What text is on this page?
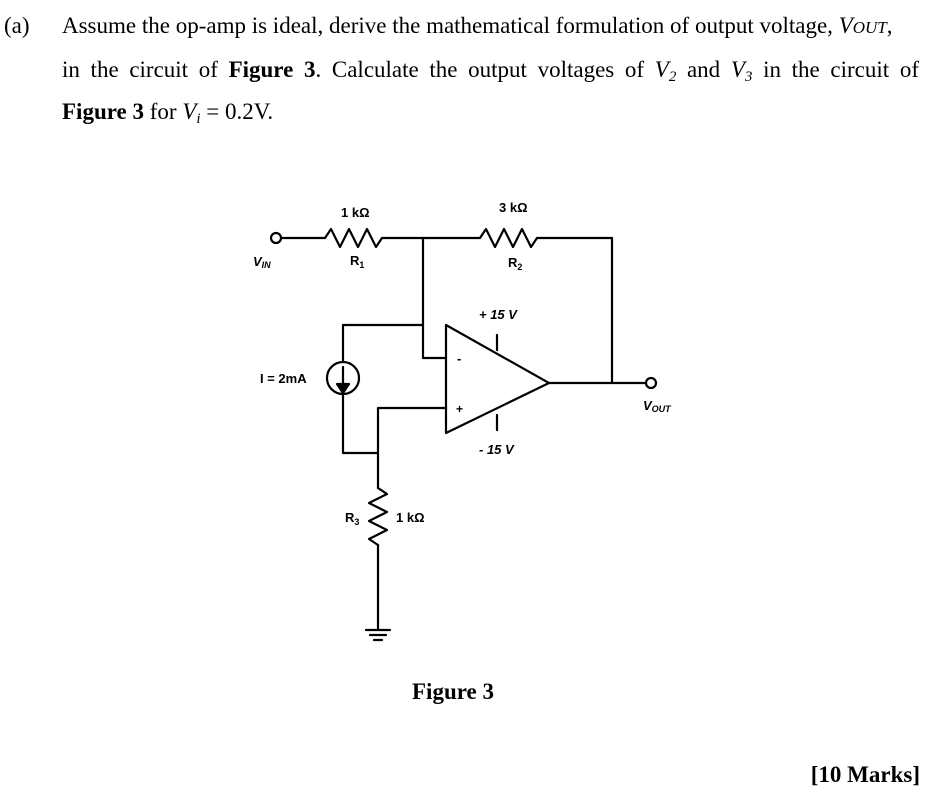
(a) Assume the op-amp is ideal, derive the mathematical formulation of output voltage, VOUT,
in the circuit of Figure 3. Calculate the output voltages of $V_2$ and $V_3$ in the circuit of
Figure 3 for $V_i = 0.2V$.
1 kΩ
$R_1$
3 kΩ
$R_2$
VIN
VOUT
I = 2mA
+ 15 V
- 15 V
-
+
$R_3$	1 kΩ
Figure 3
[10 Marks]
